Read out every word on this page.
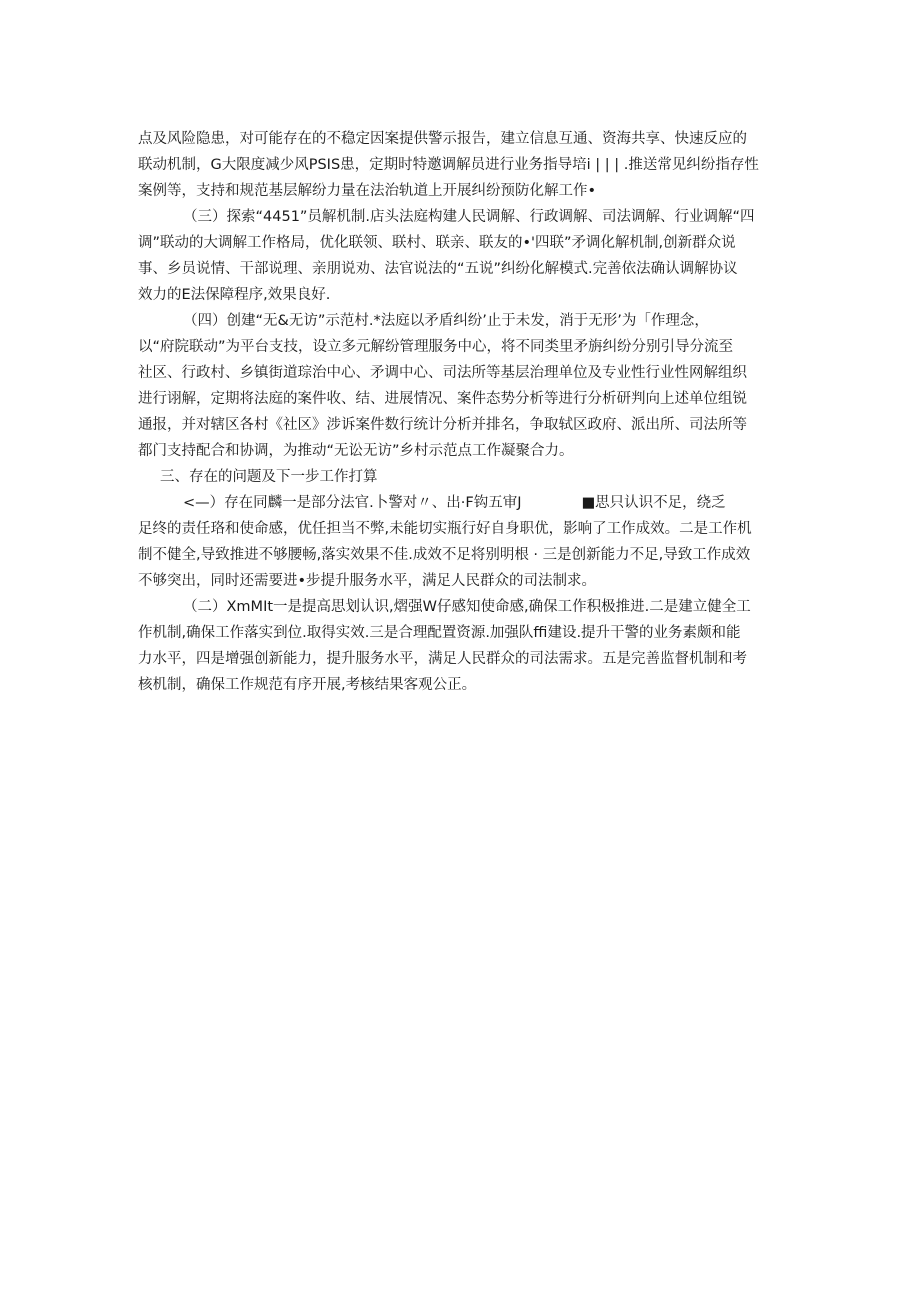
点及风险隐患，对可能存在的不稳定因案提供警示报告，建立信息互通、资海共享、快速反应的
联动机制，G大限度减少风PSIS患，定期时特邀调解员进行业务指导培i | | | .推送常见纠纷指存性
案例等，支持和规范基层解纷力量在法治轨道上开展纠纷预防化解工作•
（三）探索“4451”员解机制.店头法庭构建人民调解、行政调解、司法调解、行业调解“四
调”联动的大调解工作格局，优化联领、联村、联亲、联友的•'四联”矛调化解机制,创新群众说
事、乡员说情、干部说理、亲朋说劝、法官说法的“五说”纠纷化解模式.完善依法确认调解协议
效力的E法保障程序,效果良好.
（四）创建“无&无访”示范村.*法庭以矛盾纠纷’止于未发，消于无形’为「作理念，
以“府院联动”为平台支技，设立多元解纷管理服务中心，将不同类里矛旃纠纷分别引导分流至
社区、行政村、乡镇街道琮治中心、矛调中心、司法所等基层治理单位及专业性行业性网解组织
进行诩解，定期将法庭的案件收、结、进展情况、案件态势分析等进行分析研判向上述单位组锐
通报，并对辖区各村《社区》涉诉案件数行统计分析并排名，争取轼区政府、派出所、司法所等
都门支持配合和协调，为推动“无讼无访”乡村示范点工作凝聚合力。
三、存在的问题及下一步工作打算
<—）存在同麟一是部分法官.卜警对〃、出·F钩五审J	■思只认识不足，绕乏
足终的责任珞和使命感，优任担当不弊,未能切实瓶行好自身职优，影响了工作成效。二是工作机
制不健全,导致推进不够腰畅,落实效果不佳.成效不足将别明根 · 三是创新能力不足,导致工作成效
不够突出，同时还需要进•步提升服务水平，满足人民群众的司法制求。
（二）XmMIt一是提高思划认识,熠强W仔感知使命感,确保工作积极推进.二是建立健全工
作机制,确保工作落实到位.取得实效.三是合理配置资源.加强队ffi建设.提升干警的业务素颇和能
力水平，四是增强创新能力，提升服务水平，满足人民群众的司法需求。五是完善监督机制和考
核机制，确保工作规范有序开展,考核结果客观公正。
